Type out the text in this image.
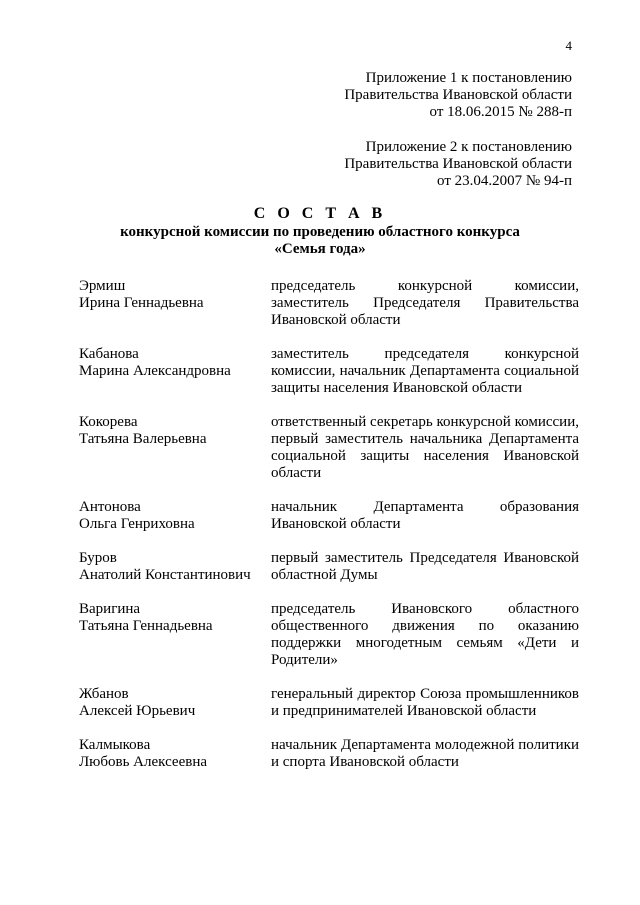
4
Приложение 1 к постановлению
Правительства Ивановской области
от 18.06.2015 № 288-п
Приложение 2 к постановлению
Правительства Ивановской области
от 23.04.2007 № 94-п
С О С Т А В
конкурсной комиссии по проведению областного конкурса
«Семья года»
Эрмиш
Ирина Геннадьевна
председатель конкурсной комиссии, заместитель Председателя Правительства Ивановской области
Кабанова
Марина Александровна
заместитель председателя конкурсной комиссии, начальник Департамента социальной защиты населения Ивановской области
Кокорева
Татьяна Валерьевна
ответственный секретарь конкурсной комиссии, первый заместитель начальника Департамента социальной защиты населения Ивановской области
Антонова
Ольга Генриховна
начальник Департамента образования Ивановской области
Буров
Анатолий Константинович
первый заместитель Председателя Ивановской областной Думы
Варигина
Татьяна Геннадьевна
председатель Ивановского областного общественного движения по оказанию поддержки многодетным семьям «Дети и Родители»
Жбанов
Алексей Юрьевич
генеральный директор Союза промышленников и предпринимателей Ивановской области
Калмыкова
Любовь Алексеевна
начальник Департамента молодежной политики и спорта Ивановской области
